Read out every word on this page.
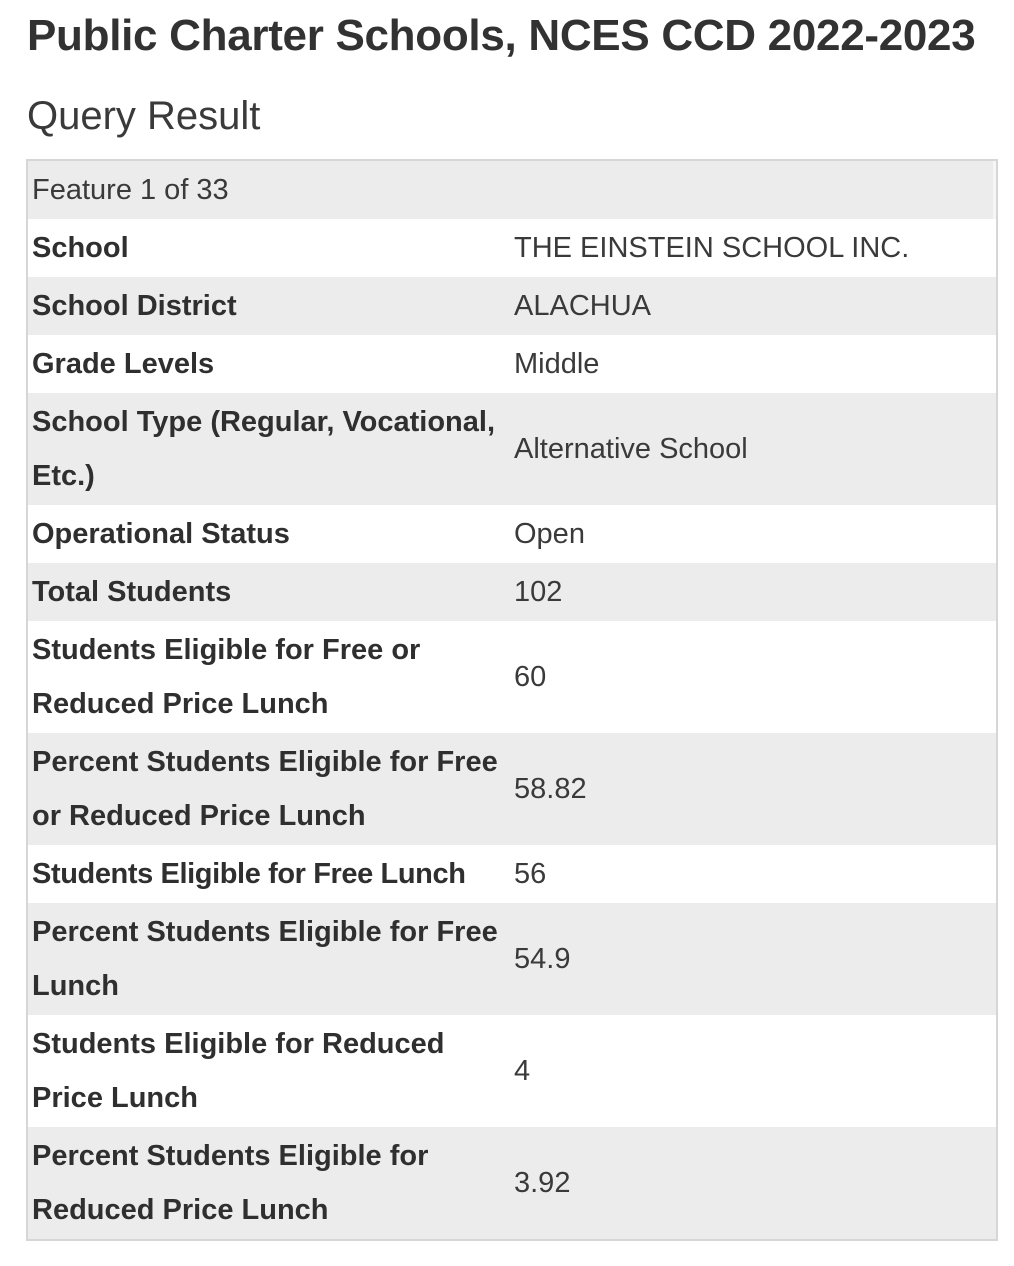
Public Charter Schools, NCES CCD 2022-2023
Query Result
Feature 1 of 33
School	THE EINSTEIN SCHOOL INC.
School District	ALACHUA
Grade Levels	Middle
School Type (Regular, Vocational, Etc.)	Alternative School
Operational Status	Open
Total Students	102
Students Eligible for Free or Reduced Price Lunch	60
Percent Students Eligible for Free or Reduced Price Lunch	58.82
Students Eligible for Free Lunch	56
Percent Students Eligible for Free Lunch	54.9
Students Eligible for Reduced Price Lunch	4
Percent Students Eligible for Reduced Price Lunch	3.92
